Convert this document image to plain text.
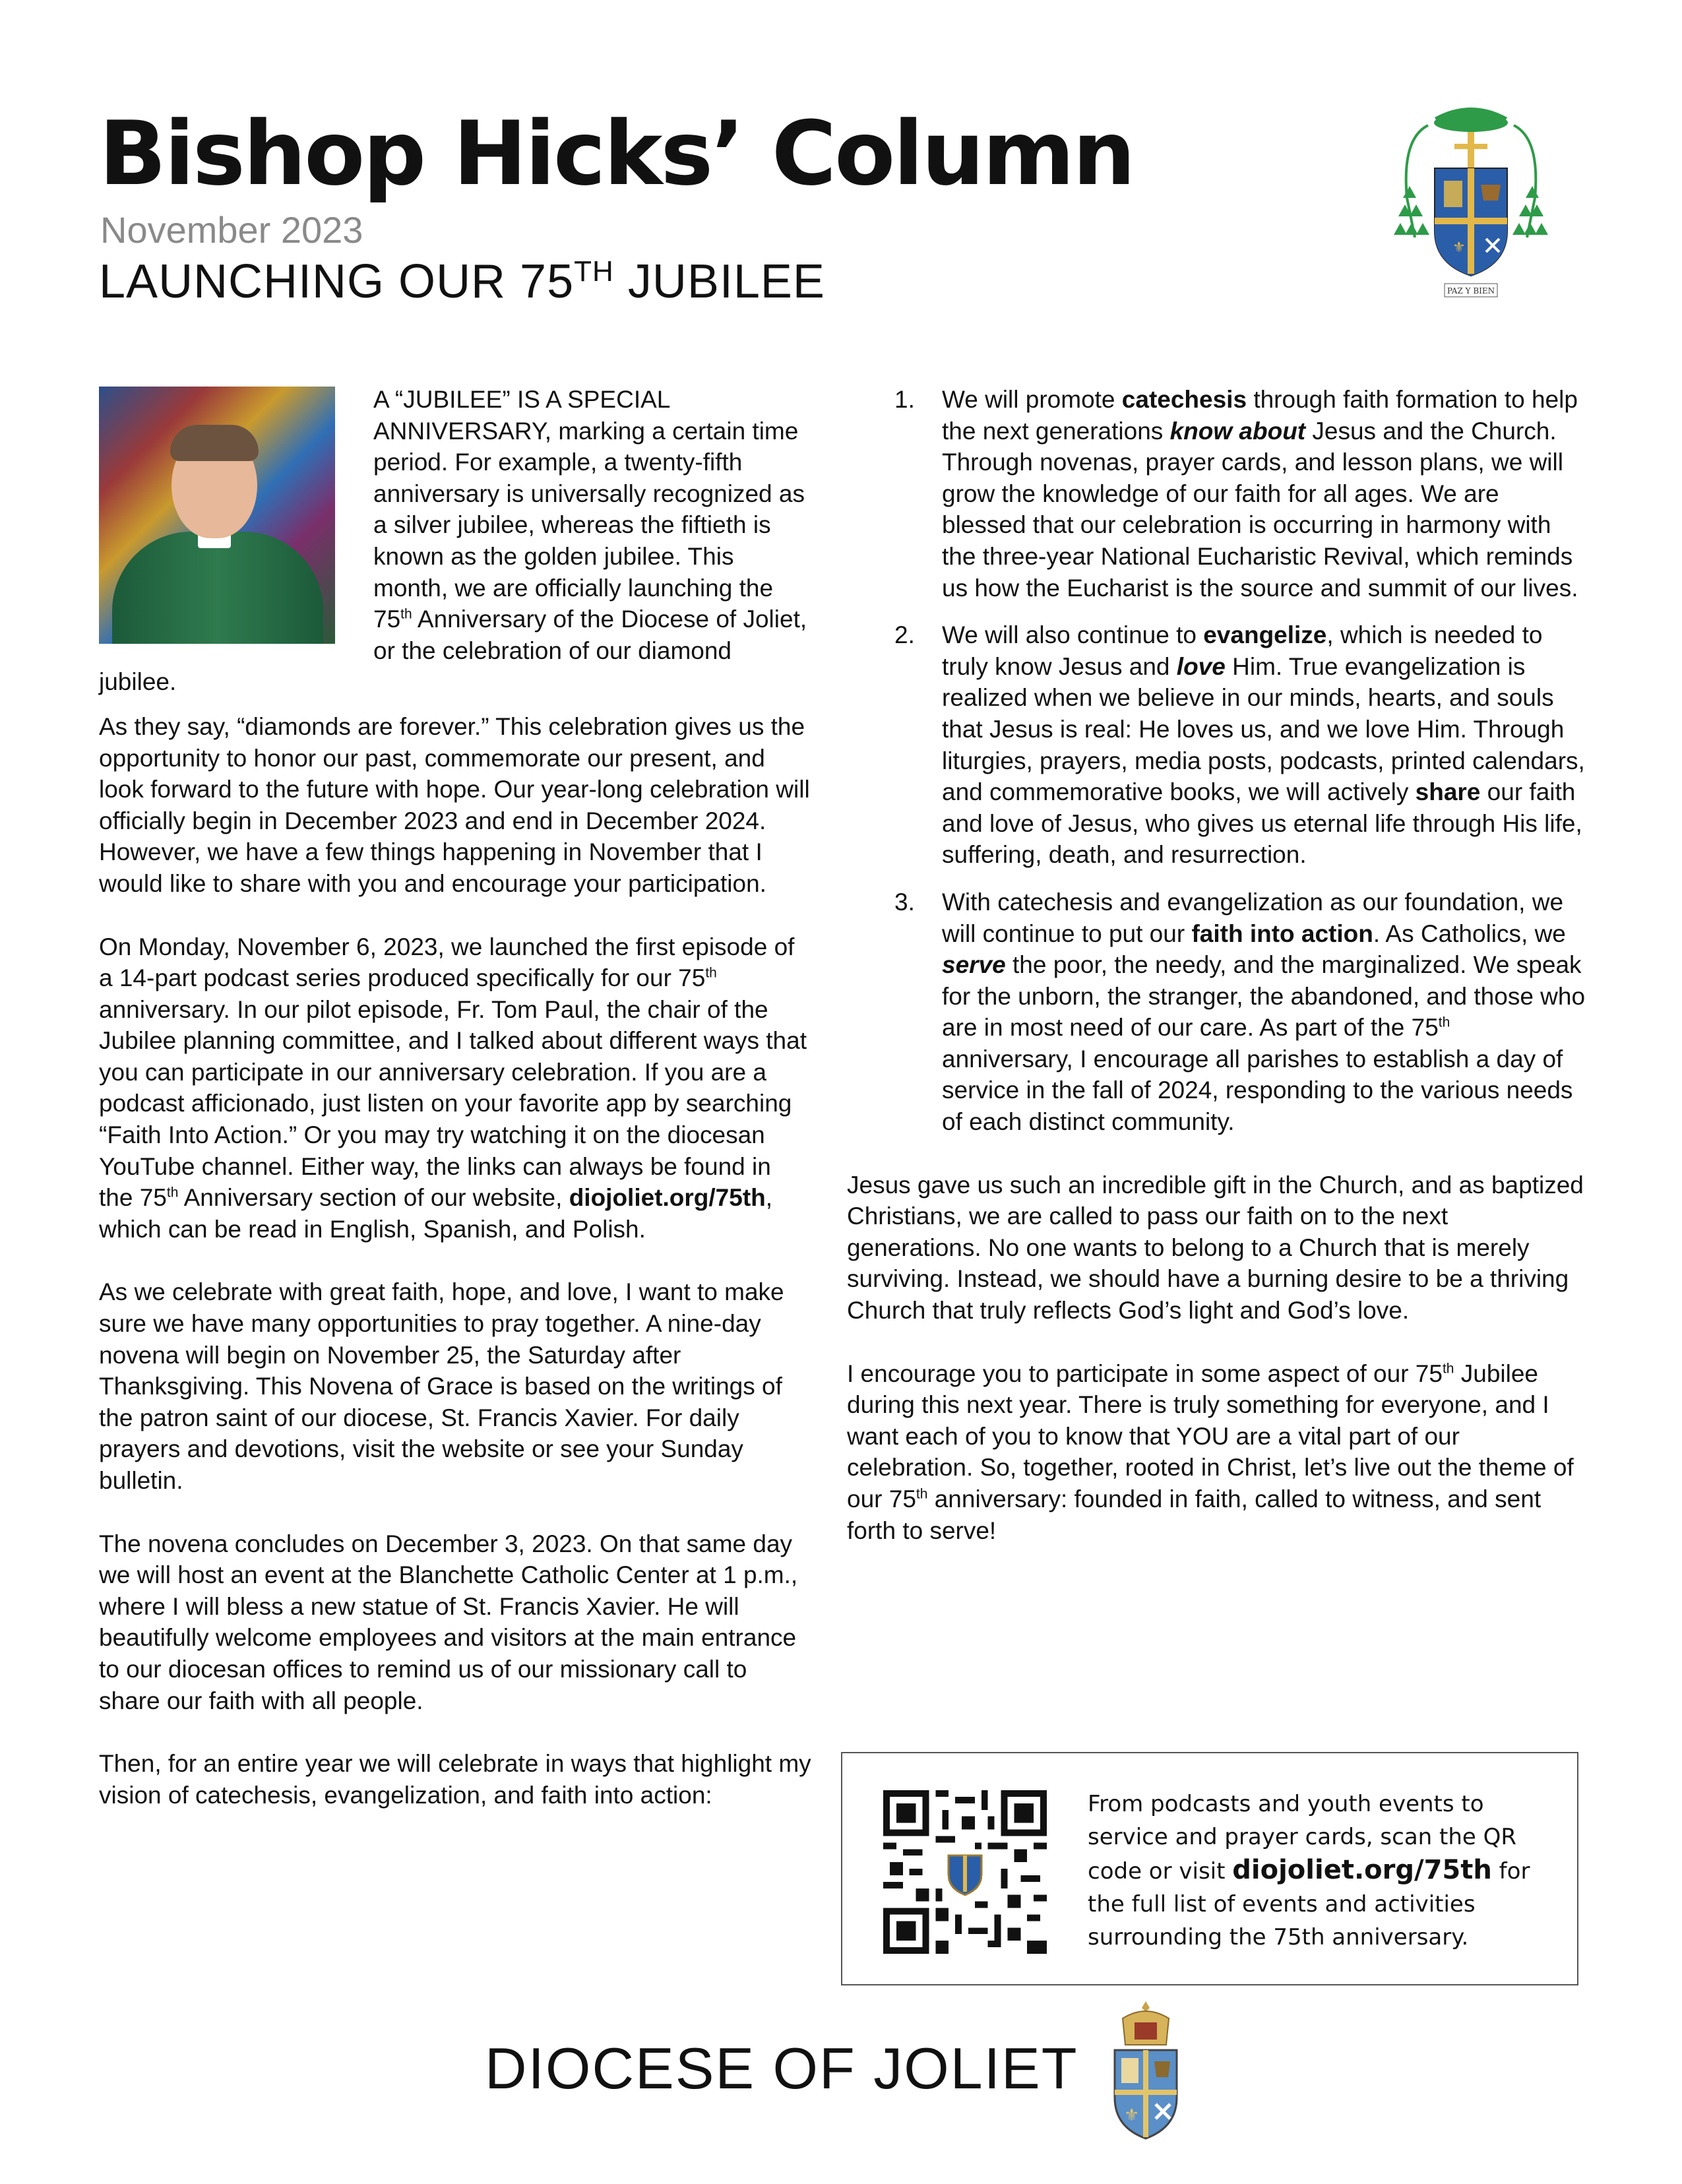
Bishop Hicks’ Column

November 2023

LAUNCHING OUR 75TH JUBILEE

⚜
PAZ Y BIEN

A “JUBILEE” IS A SPECIAL ANNIVERSARY, marking a certain time period. For example, a twenty-fifth anniversary is universally recognized as a silver jubilee, whereas the fiftieth is known as the golden jubilee. This month, we are officially launching the 75th Anniversary of the Diocese of Joliet, or the celebration of our diamond jubilee.

As they say, “diamonds are forever.” This celebration gives us the opportunity to honor our past, commemorate our present, and look forward to the future with hope. Our year-long celebration will officially begin in December 2023 and end in December 2024. However, we have a few things happening in November that I would like to share with you and encourage your participation.

On Monday, November 6, 2023, we launched the first episode of a 14-part podcast series produced specifically for our 75th anniversary. In our pilot episode, Fr. Tom Paul, the chair of the Jubilee planning committee, and I talked about different ways that you can participate in our anniversary celebration. If you are a podcast afficionado, just listen on your favorite app by searching “Faith Into Action.” Or you may try watching it on the diocesan YouTube channel. Either way, the links can always be found in the 75th Anniversary section of our website, diojoliet.org/75th, which can be read in English, Spanish, and Polish.

As we celebrate with great faith, hope, and love, I want to make sure we have many opportunities to pray together. A nine-day novena will begin on November 25, the Saturday after Thanksgiving. This Novena of Grace is based on the writings of the patron saint of our diocese, St. Francis Xavier. For daily prayers and devotions, visit the website or see your Sunday bulletin.

The novena concludes on December 3, 2023. On that same day we will host an event at the Blanchette Catholic Center at 1 p.m., where I will bless a new statue of St. Francis Xavier. He will beautifully welcome employees and visitors at the main entrance to our diocesan offices to remind us of our missionary call to share our faith with all people.

Then, for an entire year we will celebrate in ways that highlight my vision of catechesis, evangelization, and faith into action:

1. We will promote catechesis through faith formation to help the next generations know about Jesus and the Church. Through novenas, prayer cards, and lesson plans, we will grow the knowledge of our faith for all ages. We are blessed that our celebration is occurring in harmony with the three-year National Eucharistic Revival, which reminds us how the Eucharist is the source and summit of our lives.
2. We will also continue to evangelize, which is needed to truly know Jesus and love Him. True evangelization is realized when we believe in our minds, hearts, and souls that Jesus is real: He loves us, and we love Him. Through liturgies, prayers, media posts, podcasts, printed calendars, and commemorative books, we will actively share our faith and love of Jesus, who gives us eternal life through His life, suffering, death, and resurrection.
3. With catechesis and evangelization as our foundation, we will continue to put our faith into action. As Catholics, we serve the poor, the needy, and the marginalized. We speak for the unborn, the stranger, the abandoned, and those who are in most need of our care. As part of the 75th anniversary, I encourage all parishes to establish a day of service in the fall of 2024, responding to the various needs of each distinct community.

Jesus gave us such an incredible gift in the Church, and as baptized Christians, we are called to pass our faith on to the next generations. No one wants to belong to a Church that is merely surviving. Instead, we should have a burning desire to be a thriving Church that truly reflects God’s light and God’s love.

I encourage you to participate in some aspect of our 75th Jubilee during this next year. There is truly something for everyone, and I want each of you to know that YOU are a vital part of our celebration. So, together, rooted in Christ, let’s live out the theme of our 75th anniversary: founded in faith, called to witness, and sent forth to serve!

From podcasts and youth events to service and prayer cards, scan the QR code or visit diojoliet.org/75th for the full list of events and activities surrounding the 75th anniversary.

DIOCESE OF JOLIET

⚜
